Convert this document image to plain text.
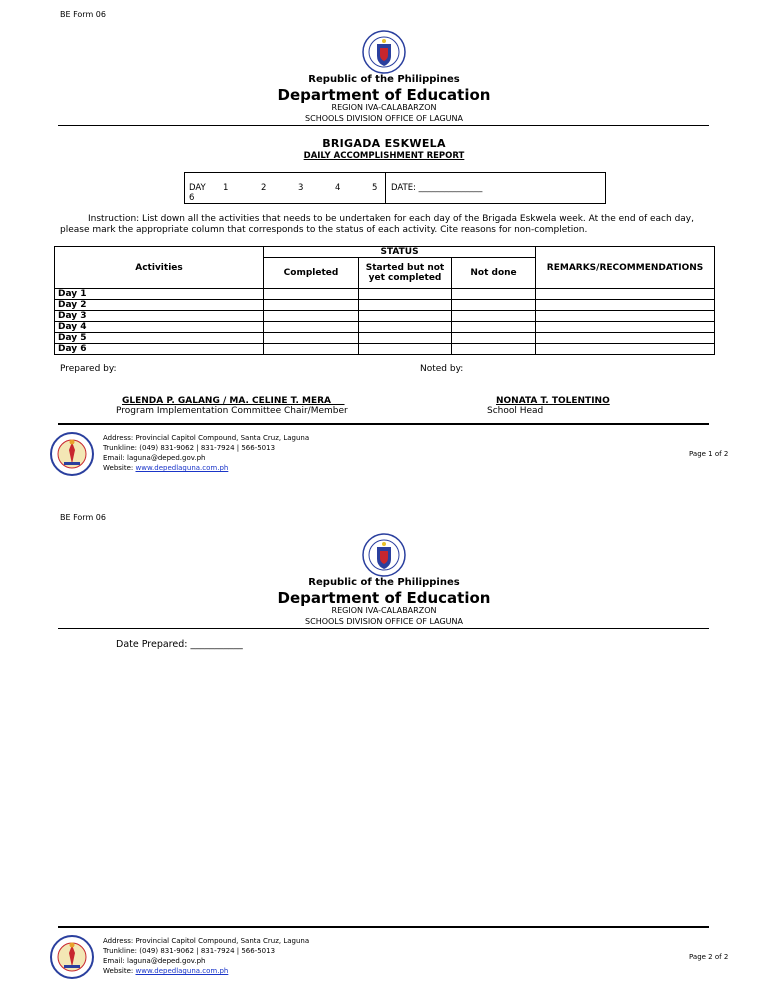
BE Form 06
Republic of the Philippines
Department of Education
REGION IVA-CALABARZON
SCHOOLS DIVISION OFFICE OF LAGUNA
BRIGADA ESKWELA
DAILY ACCOMPLISHMENT REPORT
DAY 1	2	3	4	5
6
DATE: _______________
Instruction: List down all the activities that needs to be undertaken for each day of the Brigada Eskwela week. At the end of each day, please mark the appropriate column that corresponds to the status of each activity. Cite reasons for non-completion.
Activities	STATUS			REMARKS/RECOMMENDATIONS
	Completed	Started but not yet completed	Not done	
Day 1				
Day 2				
Day 3				
Day 4				
Day 5				
Day 6				
Prepared by:	Noted by:
GLENDA P. GALANG / MA. CELINE T. MERA___
Program Implementation Committee Chair/Member
NONATA T. TOLENTINO
School Head
Address: Provincial Capitol Compound, Santa Cruz, Laguna
Trunkline: (049) 831-9062 | 831-7924 | 566-5013
Email: laguna@deped.gov.ph
Website: www.depedlaguna.com.ph
Page 1 of 2
BE Form 06
Republic of the Philippines
Department of Education
REGION IVA-CALABARZON
SCHOOLS DIVISION OFFICE OF LAGUNA
Date Prepared: ___________
Address: Provincial Capitol Compound, Santa Cruz, Laguna
Trunkline: (049) 831-9062 | 831-7924 | 566-5013
Email: laguna@deped.gov.ph
Website: www.depedlaguna.com.ph
Page 2 of 2
